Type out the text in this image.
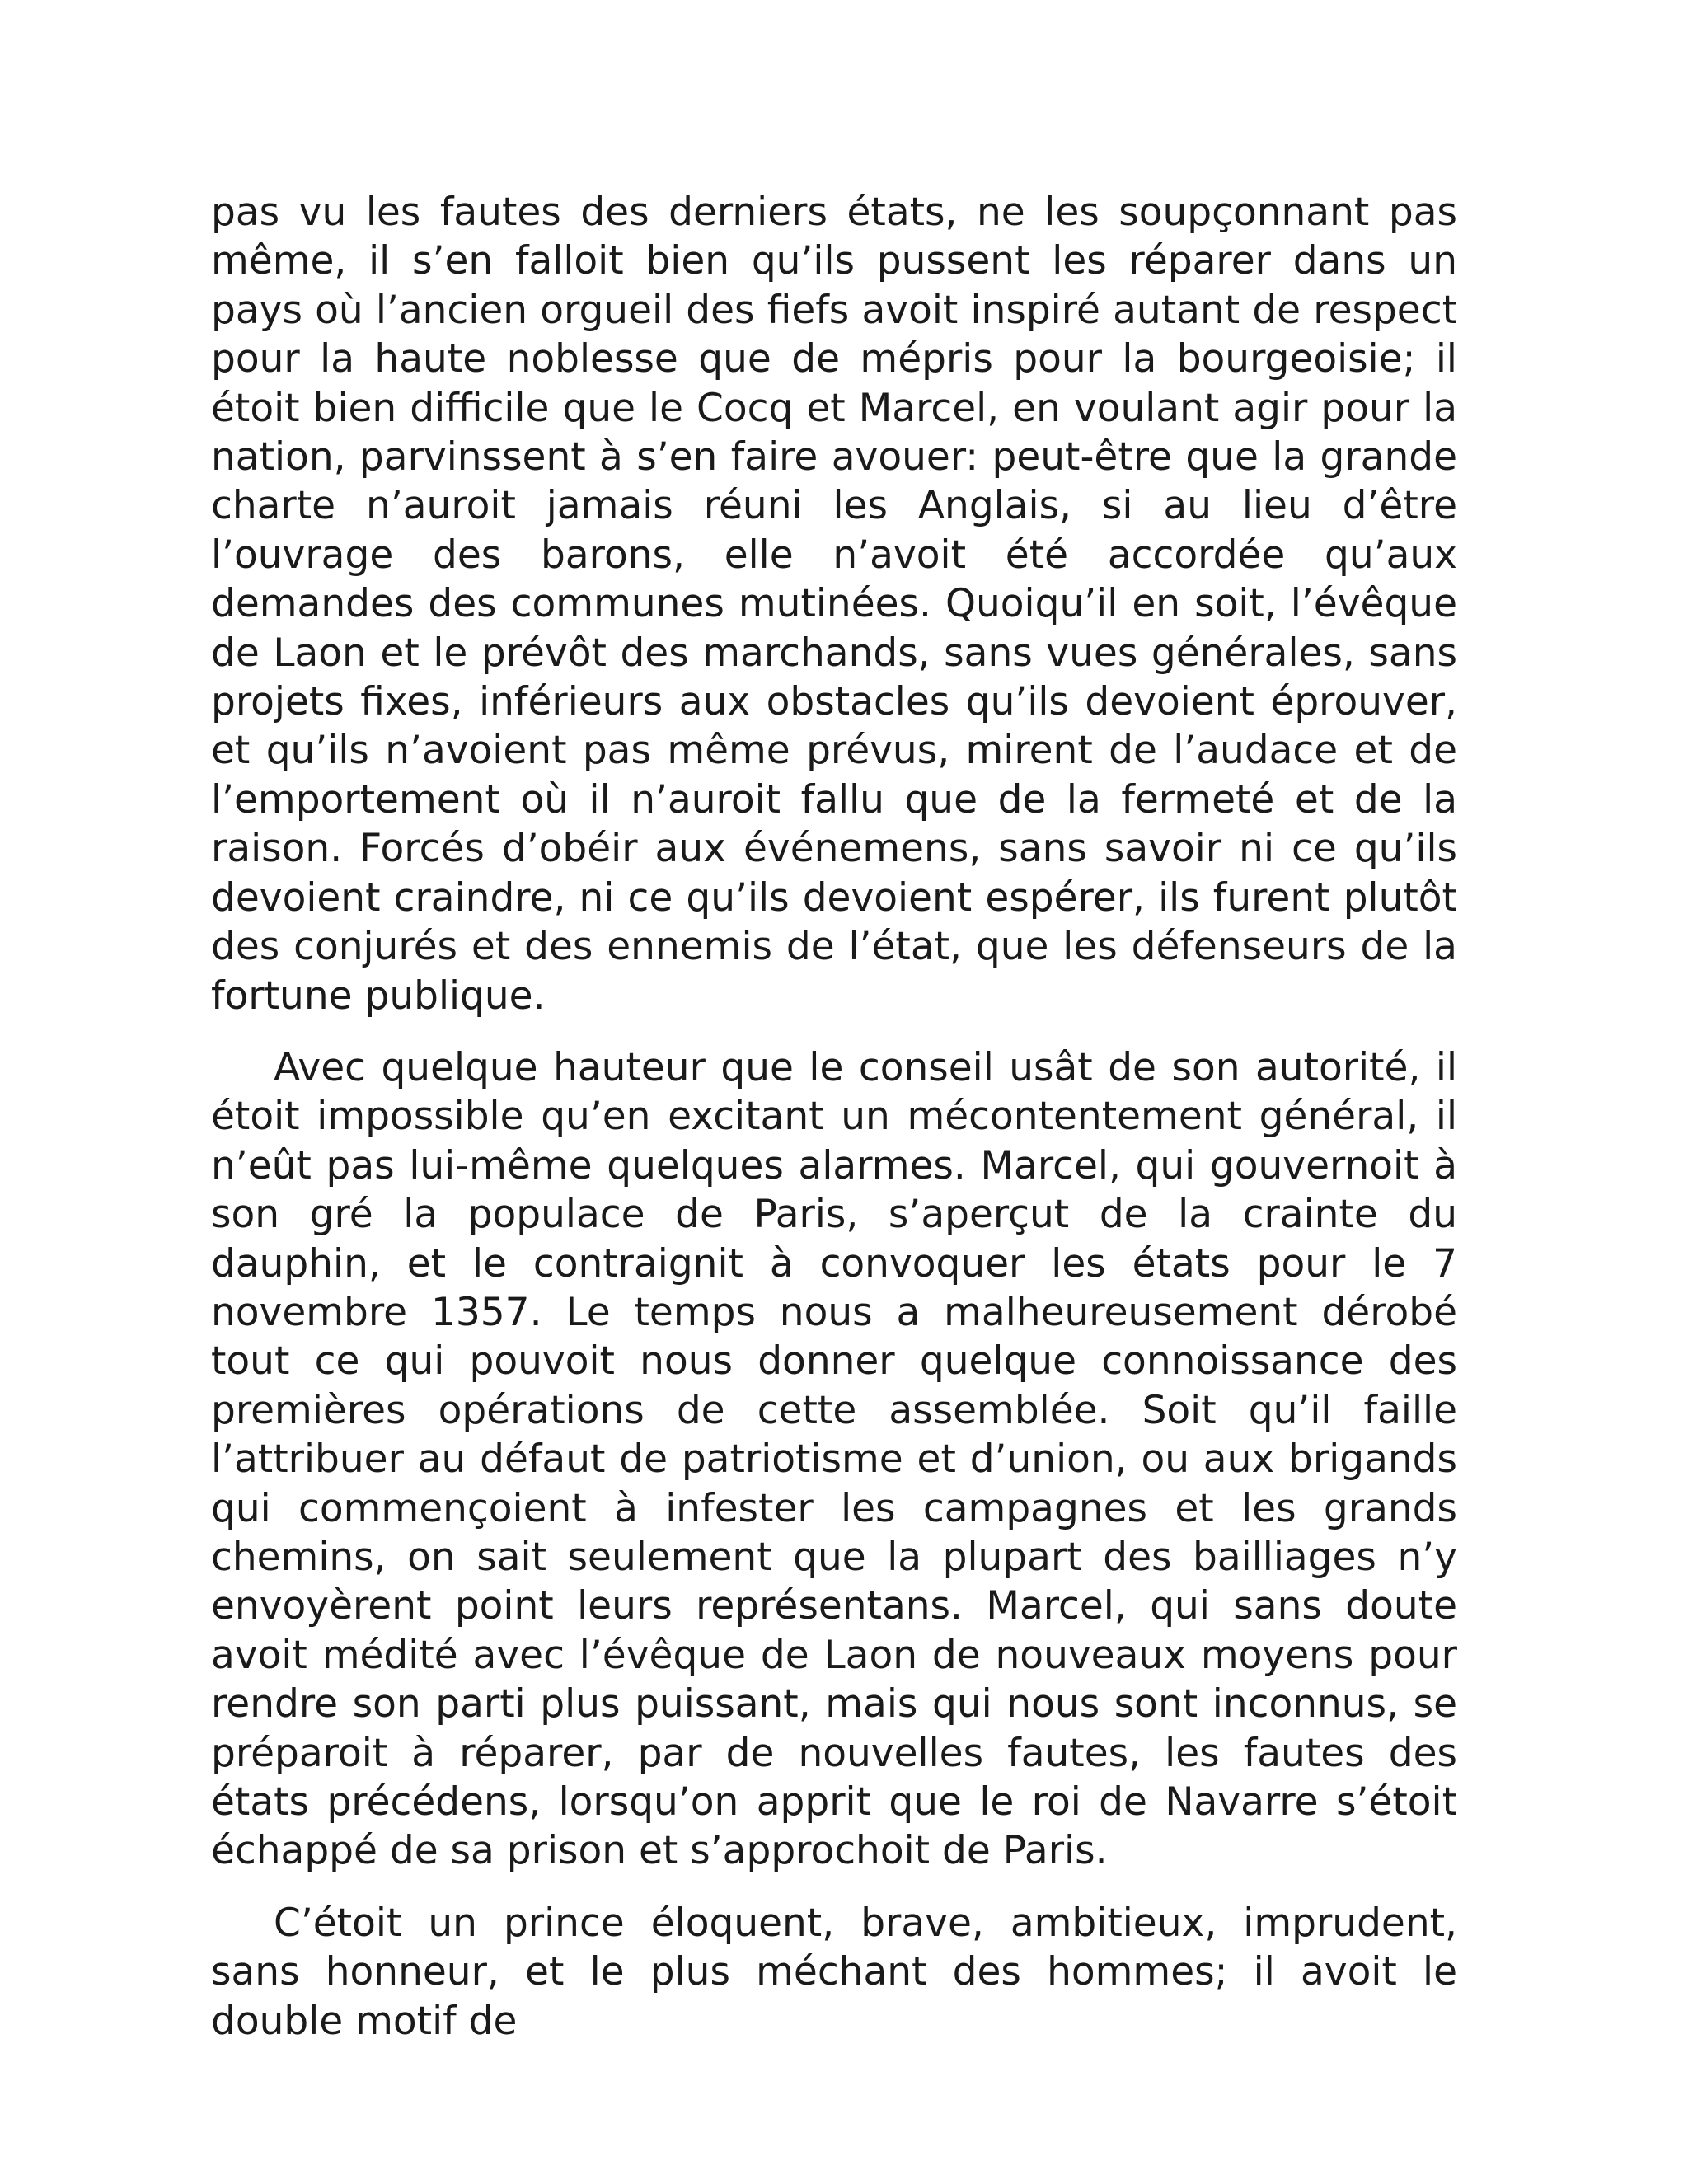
pas vu les fautes des derniers états, ne les soupçonnant pas même, il s’en falloit bien qu’ils pussent les réparer dans un pays où l’ancien orgueil des fiefs avoit inspiré autant de respect pour la haute noblesse que de mépris pour la bourgeoisie; il étoit bien difficile que le Cocq et Marcel, en voulant agir pour la nation, parvinssent à s’en faire avouer: peut-être que la grande charte n’auroit jamais réuni les Anglais, si au lieu d’être l’ouvrage des barons, elle n’avoit été accordée qu’aux demandes des communes mutinées. Quoiqu’il en soit, l’évêque de Laon et le prévôt des marchands, sans vues générales, sans projets fixes, inférieurs aux obstacles qu’ils devoient éprouver, et qu’ils n’avoient pas même prévus, mirent de l’audace et de l’emportement où il n’auroit fallu que de la fermeté et de la raison. Forcés d’obéir aux événemens, sans savoir ni ce qu’ils devoient craindre, ni ce qu’ils devoient espérer, ils furent plutôt des conjurés et des ennemis de l’état, que les défenseurs de la fortune publique.

Avec quelque hauteur que le conseil usât de son autorité, il étoit impossible qu’en excitant un mécontentement général, il n’eût pas lui-même quelques alarmes. Marcel, qui gouvernoit à son gré la populace de Paris, s’aperçut de la crainte du dauphin, et le contraignit à convoquer les états pour le 7 novembre 1357. Le temps nous a malheureusement dérobé tout ce qui pouvoit nous donner quelque connoissance des premières opérations de cette assemblée. Soit qu’il faille l’attribuer au défaut de patriotisme et d’union, ou aux brigands qui commençoient à infester les campagnes et les grands chemins, on sait seulement que la plupart des bailliages n’y envoyèrent point leurs représentans. Marcel, qui sans doute avoit médité avec l’évêque de Laon de nouveaux moyens pour rendre son parti plus puissant, mais qui nous sont inconnus, se préparoit à réparer, par de nouvelles fautes, les fautes des états précédens, lorsqu’on apprit que le roi de Navarre s’étoit échappé de sa prison et s’approchoit de Paris.

C’étoit un prince éloquent, brave, ambitieux, imprudent, sans honneur, et le plus méchant des hommes; il avoit le double motif de
